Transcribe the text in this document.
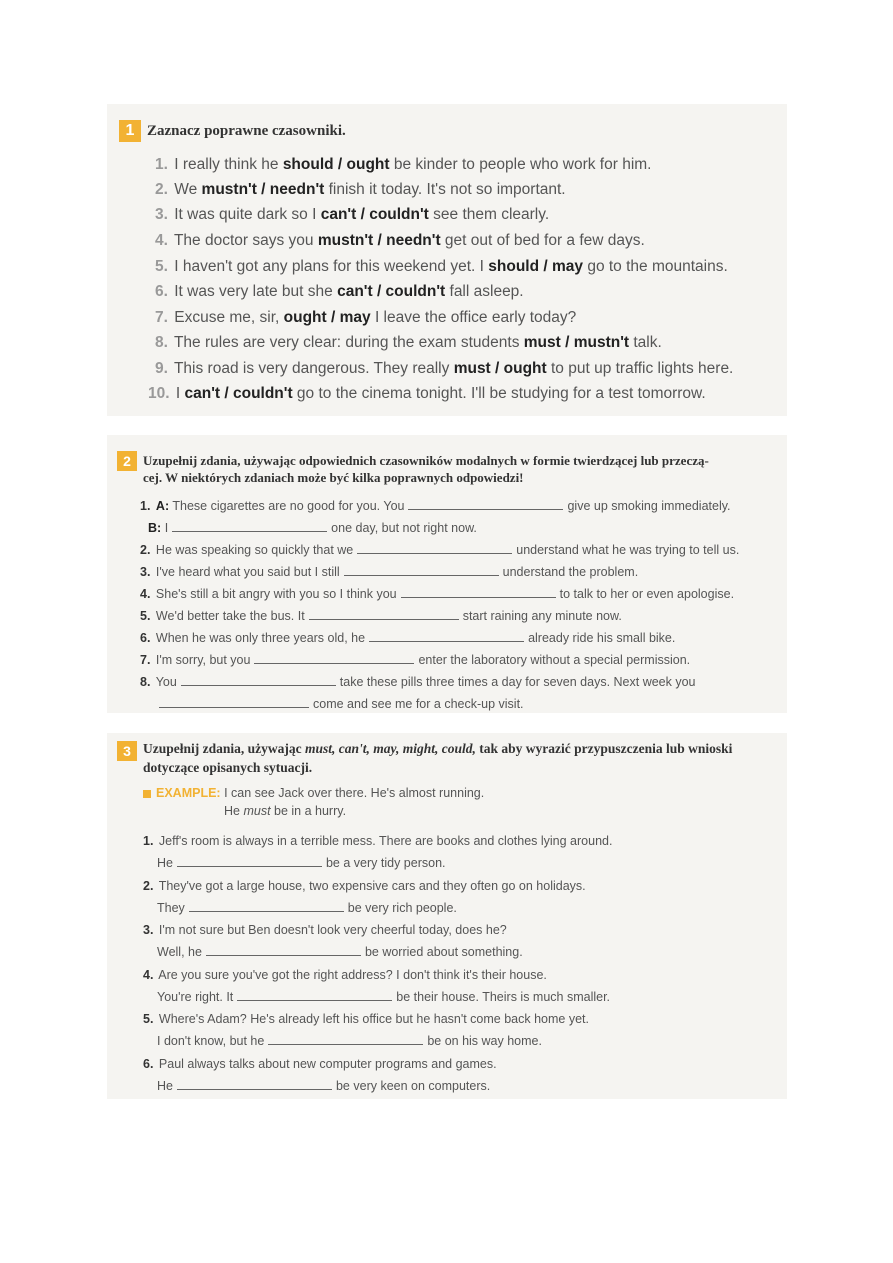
1 Zaznacz poprawne czasowniki.
1. I really think he should / ought be kinder to people who work for him.
2. We mustn't / needn't finish it today. It's not so important.
3. It was quite dark so I can't / couldn't see them clearly.
4. The doctor says you mustn't / needn't get out of bed for a few days.
5. I haven't got any plans for this weekend yet. I should / may go to the mountains.
6. It was very late but she can't / couldn't fall asleep.
7. Excuse me, sir, ought / may I leave the office early today?
8. The rules are very clear: during the exam students must / mustn't talk.
9. This road is very dangerous. They really must / ought to put up traffic lights here.
10. I can't / couldn't go to the cinema tonight. I'll be studying for a test tomorrow.
2 Uzupełnij zdania, używając odpowiednich czasowników modalnych w formie twierdzącej lub przeczą-
cej. W niektórych zdaniach może być kilka poprawnych odpowiedzi!
1. A: These cigarettes are no good for you. You	give up smoking immediately.
B: I	one day, but not right now.
2. He was speaking so quickly that we	understand what he was trying to tell us.
3. I've heard what you said but I still	understand the problem.
4. She's still a bit angry with you so I think you	to talk to her or even apologise.
5. We'd better take the bus. It	start raining any minute now.
6. When he was only three years old, he	already ride his small bike.
7. I'm sorry, but you	enter the laboratory without a special permission.
8. You	take these pills three times a day for seven days. Next week you
come and see me for a check-up visit.
3 Uzupełnij zdania, używając must, can't, may, might, could, tak aby wyrazić przypuszczenia lub wnioski
dotyczące opisanych sytuacji.
EXAMPLE: I can see Jack over there. He's almost running.
He must be in a hurry.
1. Jeff's room is always in a terrible mess. There are books and clothes lying around.
He	be a very tidy person.
2. They've got a large house, two expensive cars and they often go on holidays.
They	be very rich people.
3. I'm not sure but Ben doesn't look very cheerful today, does he?
Well, he	be worried about something.
4. Are you sure you've got the right address? I don't think it's their house.
You're right. It	be their house. Theirs is much smaller.
5. Where's Adam? He's already left his office but he hasn't come back home yet.
I don't know, but he	be on his way home.
6. Paul always talks about new computer programs and games.
He	be very keen on computers.
